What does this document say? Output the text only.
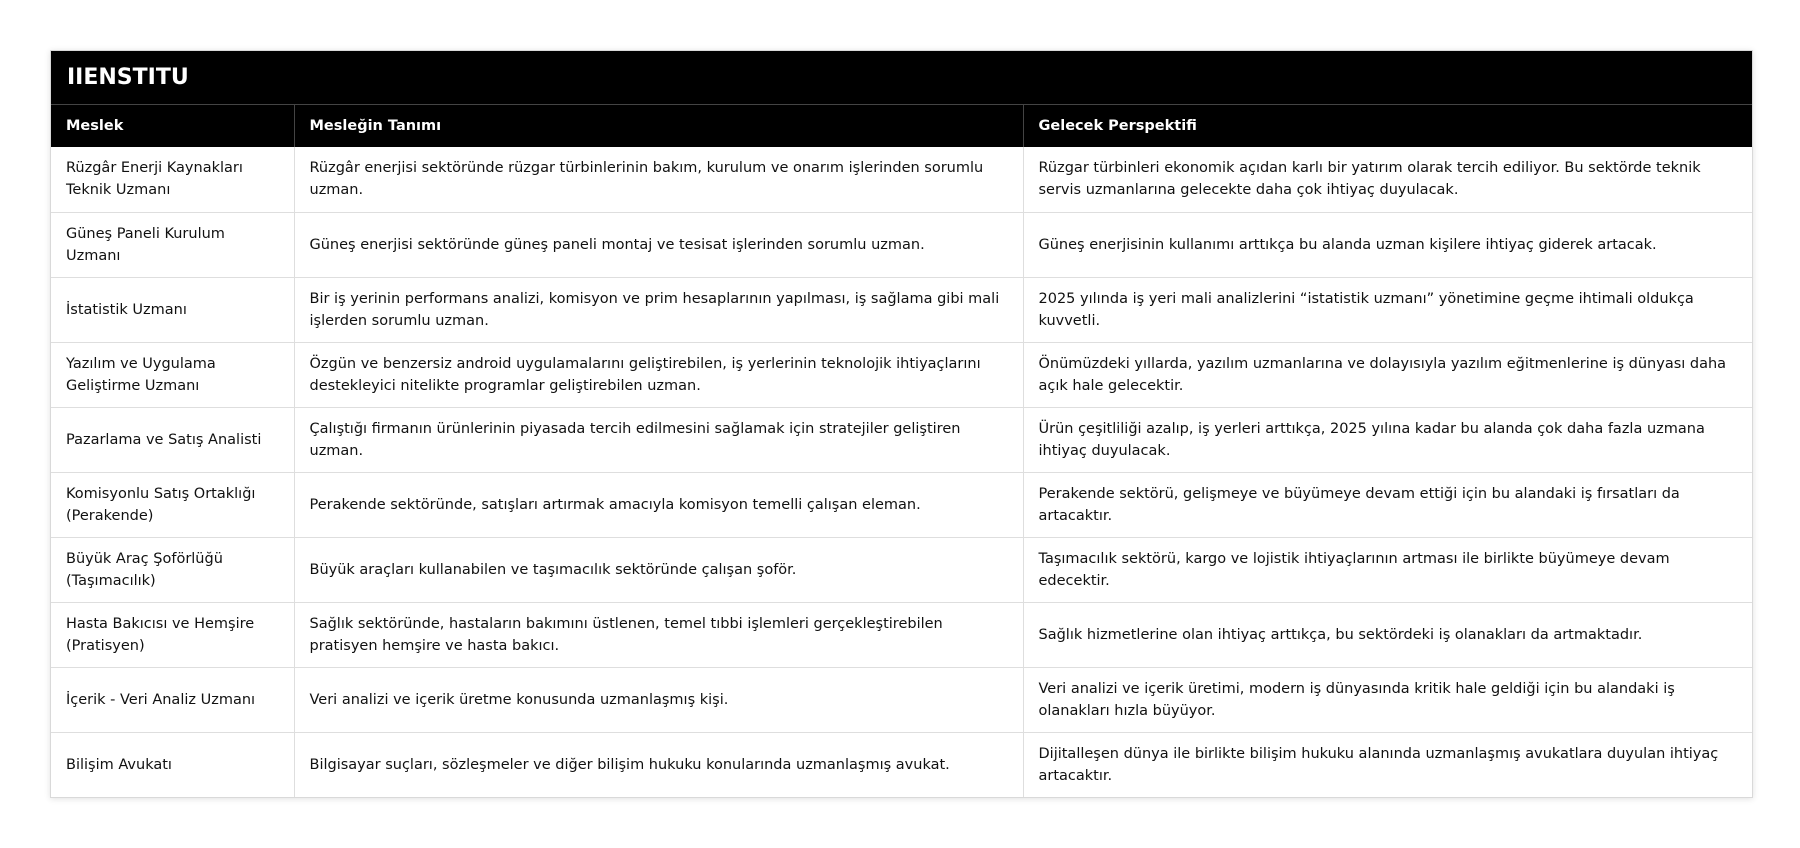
IIENSTITU
Meslek	Mesleğin Tanımı	Gelecek Perspektifi
Rüzgâr Enerji Kaynakları Teknik Uzmanı	Rüzgâr enerjisi sektöründe rüzgar türbinlerinin bakım, kurulum ve onarım işlerinden sorumlu uzman.	Rüzgar türbinleri ekonomik açıdan karlı bir yatırım olarak tercih ediliyor. Bu sektörde teknik servis uzmanlarına gelecekte daha çok ihtiyaç duyulacak.
Güneş Paneli Kurulum Uzmanı	Güneş enerjisi sektöründe güneş paneli montaj ve tesisat işlerinden sorumlu uzman.	Güneş enerjisinin kullanımı arttıkça bu alanda uzman kişilere ihtiyaç giderek artacak.
İstatistik Uzmanı	Bir iş yerinin performans analizi, komisyon ve prim hesaplarının yapılması, iş sağlama gibi mali işlerden sorumlu uzman.	2025 yılında iş yeri mali analizlerini “istatistik uzmanı” yönetimine geçme ihtimali oldukça kuvvetli.
Yazılım ve Uygulama Geliştirme Uzmanı	Özgün ve benzersiz android uygulamalarını geliştirebilen, iş yerlerinin teknolojik ihtiyaçlarını destekleyici nitelikte programlar geliştirebilen uzman.	Önümüzdeki yıllarda, yazılım uzmanlarına ve dolayısıyla yazılım eğitmenlerine iş dünyası daha açık hale gelecektir.
Pazarlama ve Satış Analisti	Çalıştığı firmanın ürünlerinin piyasada tercih edilmesini sağlamak için stratejiler geliştiren uzman.	Ürün çeşitliliği azalıp, iş yerleri arttıkça, 2025 yılına kadar bu alanda çok daha fazla uzmana ihtiyaç duyulacak.
Komisyonlu Satış Ortaklığı (Perakende)	Perakende sektöründe, satışları artırmak amacıyla komisyon temelli çalışan eleman.	Perakende sektörü, gelişmeye ve büyümeye devam ettiği için bu alandaki iş fırsatları da artacaktır.
Büyük Araç Şoförlüğü (Taşımacılık)	Büyük araçları kullanabilen ve taşımacılık sektöründe çalışan şoför.	Taşımacılık sektörü, kargo ve lojistik ihtiyaçlarının artması ile birlikte büyümeye devam edecektir.
Hasta Bakıcısı ve Hemşire (Pratisyen)	Sağlık sektöründe, hastaların bakımını üstlenen, temel tıbbi işlemleri gerçekleştirebilen pratisyen hemşire ve hasta bakıcı.	Sağlık hizmetlerine olan ihtiyaç arttıkça, bu sektördeki iş olanakları da artmaktadır.
İçerik - Veri Analiz Uzmanı	Veri analizi ve içerik üretme konusunda uzmanlaşmış kişi.	Veri analizi ve içerik üretimi, modern iş dünyasında kritik hale geldiği için bu alandaki iş olanakları hızla büyüyor.
Bilişim Avukatı	Bilgisayar suçları, sözleşmeler ve diğer bilişim hukuku konularında uzmanlaşmış avukat.	Dijitalleşen dünya ile birlikte bilişim hukuku alanında uzmanlaşmış avukatlara duyulan ihtiyaç artacaktır.
